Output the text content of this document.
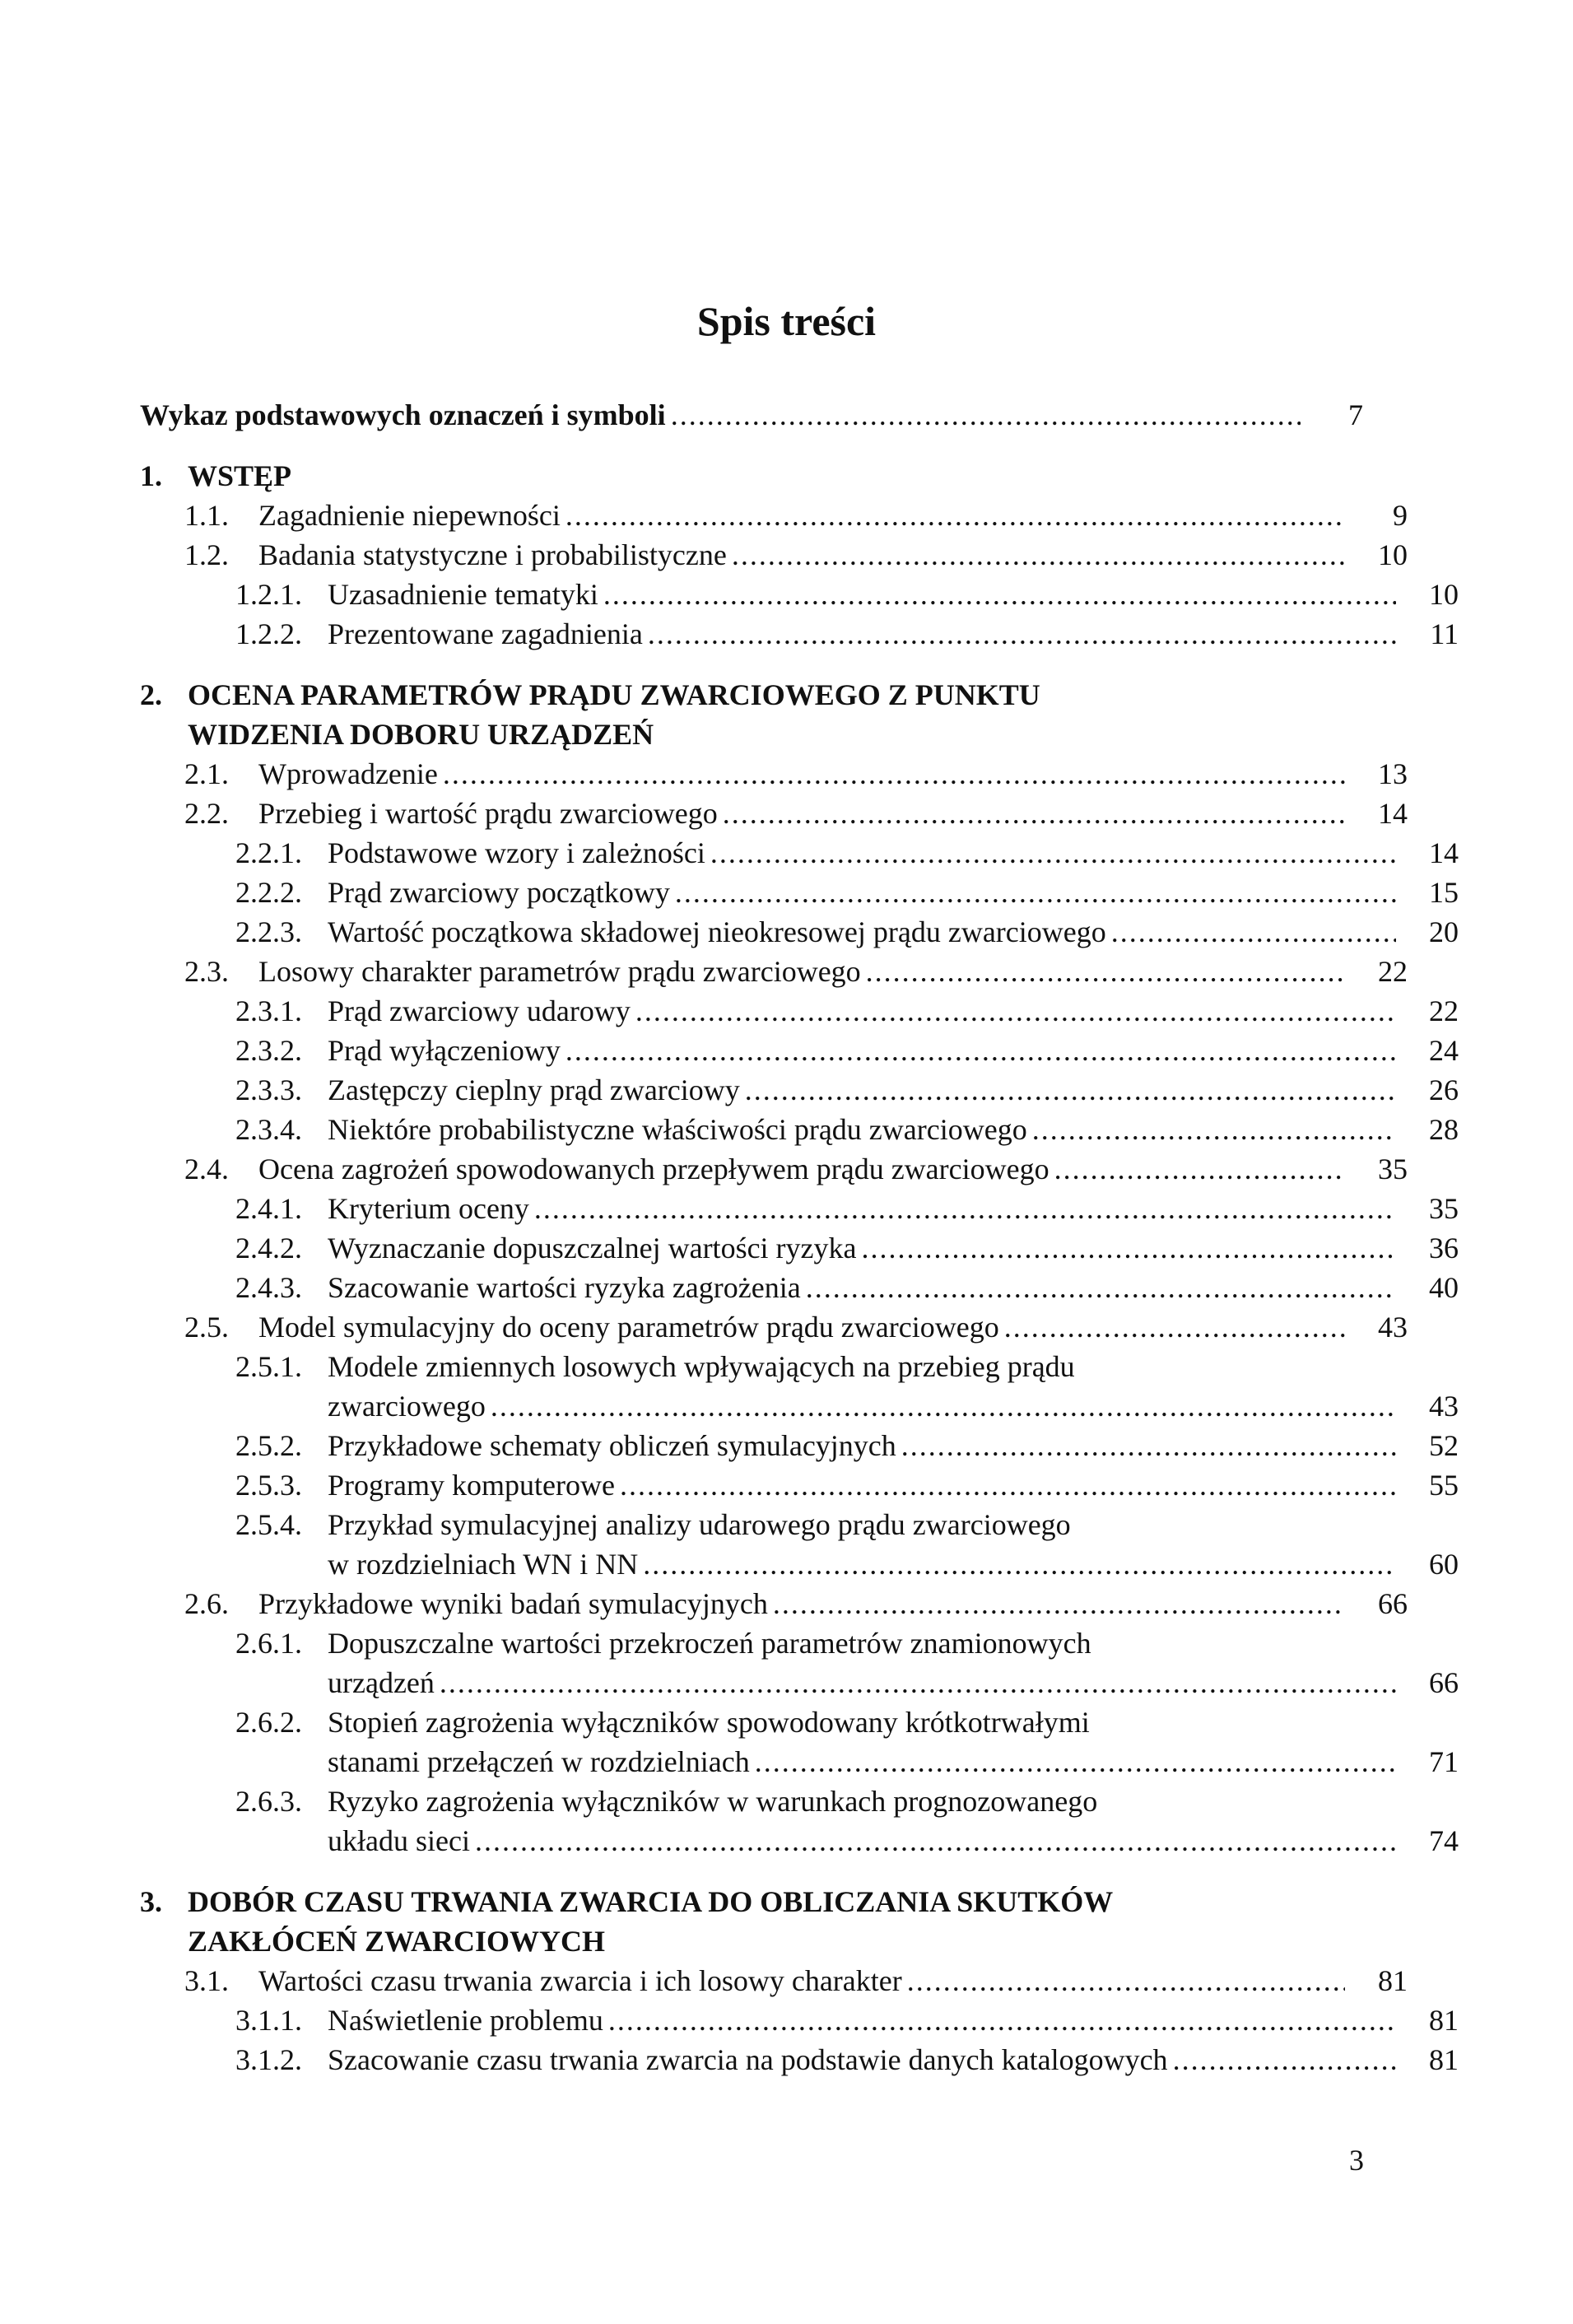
Spis treści
Wykaz podstawowych oznaczeń i symboli .....	7
1. WSTĘP
1.1.	Zagadnienie niepewności .....	9
1.2.	Badania statystyczne i probabilistyczne .....	10
1.2.1. Uzasadnienie tematyki .....	10
1.2.2. Prezentowane zagadnienia .....	11
2. OCENA PARAMETRÓW PRĄDU ZWARCIOWEGO Z PUNKTU
WIDZENIA DOBORU URZĄDZEŃ
2.1.	Wprowadzenie .....	13
2.2.	Przebieg i wartość prądu zwarciowego .....	14
2.2.1. Podstawowe wzory i zależności .....	14
2.2.2. Prąd zwarciowy początkowy .....	15
2.2.3. Wartość początkowa składowej nieokresowej prądu zwarciowego .....	20
2.3.	Losowy charakter parametrów prądu zwarciowego .....	22
2.3.1. Prąd zwarciowy udarowy .....	22
2.3.2. Prąd wyłączeniowy .....	24
2.3.3. Zastępczy cieplny prąd zwarciowy .....	26
2.3.4. Niektóre probabilistyczne właściwości prądu zwarciowego .....	28
2.4.	Ocena zagrożeń spowodowanych przepływem prądu zwarciowego .....	35
2.4.1. Kryterium oceny .....	35
2.4.2. Wyznaczanie dopuszczalnej wartości ryzyka .....	36
2.4.3. Szacowanie wartości ryzyka zagrożenia .....	40
2.5.	Model symulacyjny do oceny parametrów prądu zwarciowego .....	43
2.5.1. Modele zmiennych losowych wpływających na przebieg prądu
zwarciowego .....	43
2.5.2. Przykładowe schematy obliczeń symulacyjnych .....	52
2.5.3. Programy komputerowe .....	55
2.5.4. Przykład symulacyjnej analizy udarowego prądu zwarciowego
w rozdzielniach WN i NN .....	60
2.6.	Przykładowe wyniki badań symulacyjnych .....	66
2.6.1. Dopuszczalne wartości przekroczeń parametrów znamionowych
urządzeń .....	66
2.6.2. Stopień zagrożenia wyłączników spowodowany krótkotrwałymi
stanami przełączeń w rozdzielniach .....	71
2.6.3. Ryzyko zagrożenia wyłączników w warunkach prognozowanego
układu sieci .....	74
3. DOBÓR CZASU TRWANIA ZWARCIA DO OBLICZANIA SKUTKÓW
ZAKŁÓCEŃ ZWARCIOWYCH
3.1.	Wartości czasu trwania zwarcia i ich losowy charakter .....	81
3.1.1. Naświetlenie problemu .....	81
3.1.2. Szacowanie czasu trwania zwarcia na podstawie danych katalogowych .....	81
3
